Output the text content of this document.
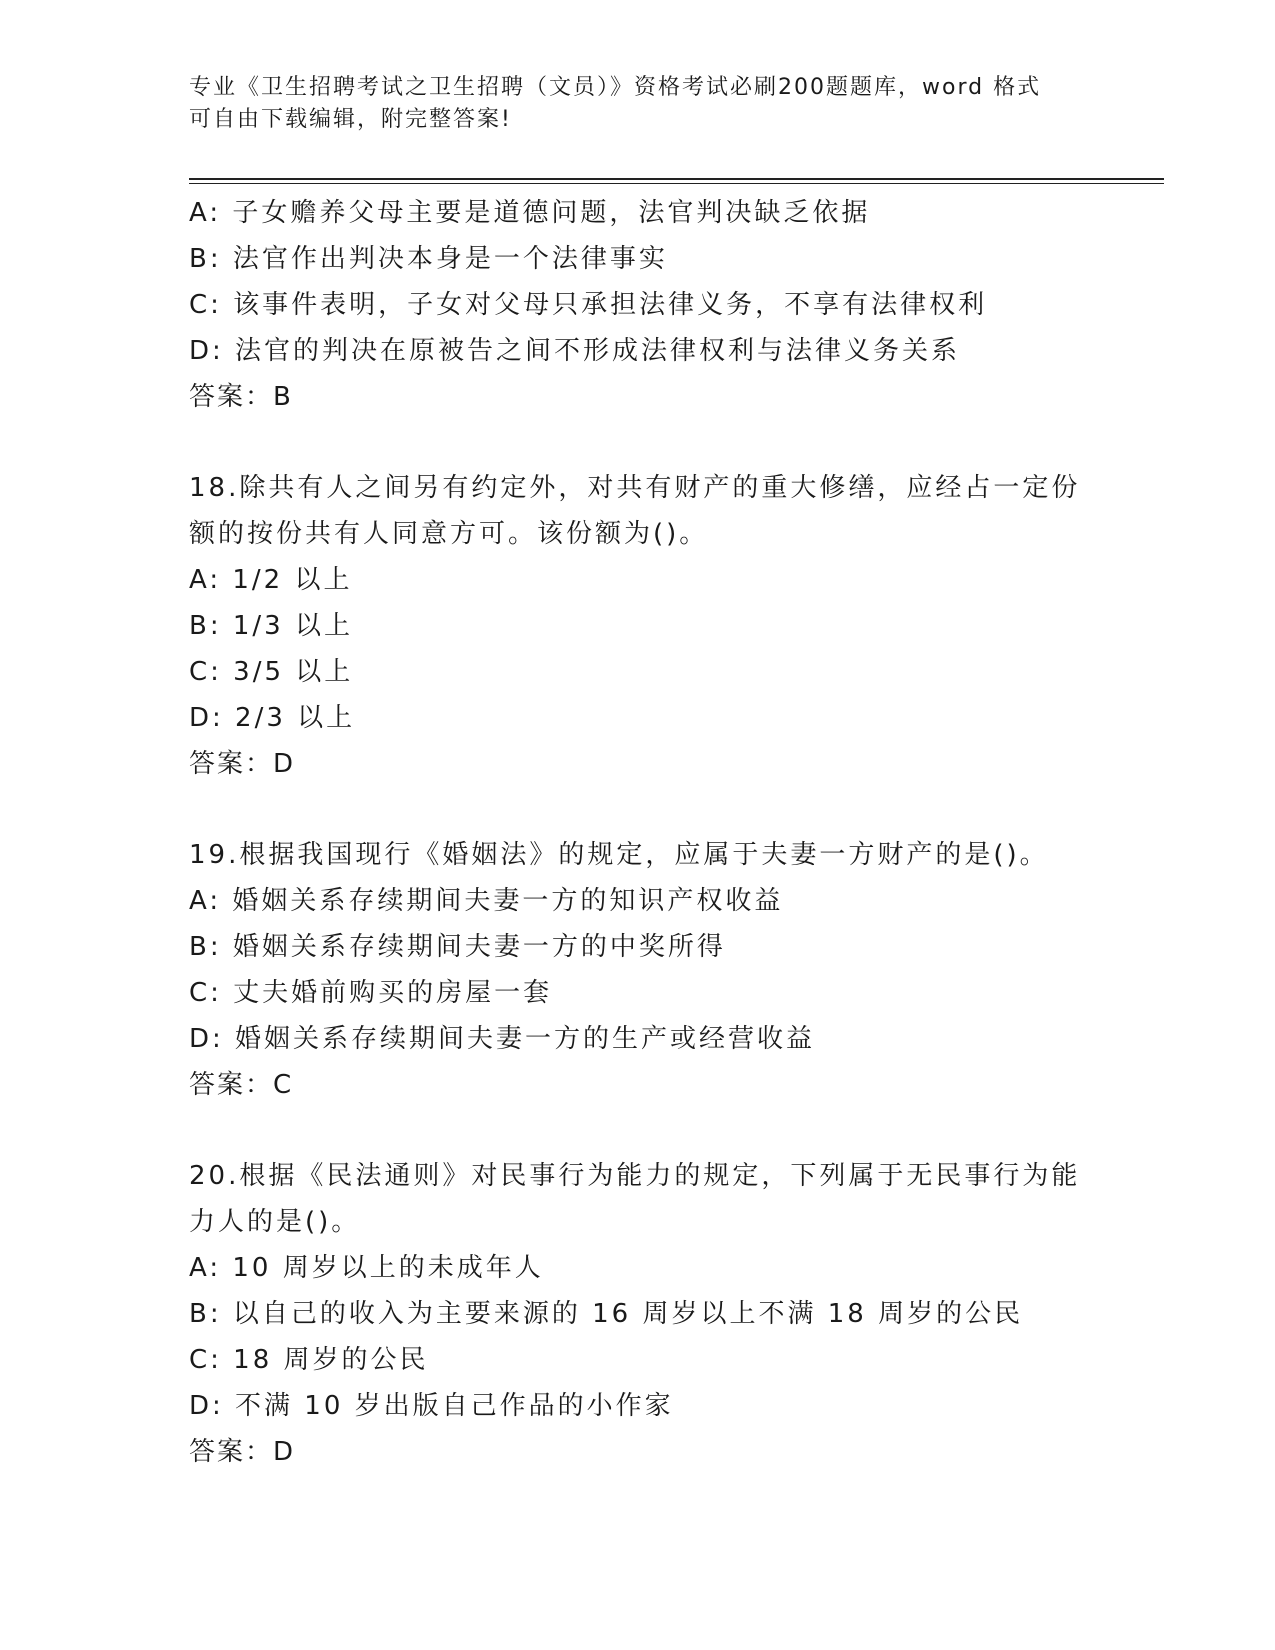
专业《卫生招聘考试之卫生招聘（文员）》资格考试必刷200题题库，word 格式
可自由下载编辑，附完整答案!
A: 子女赡养父母主要是道德问题，法官判决缺乏依据
B: 法官作出判决本身是一个法律事实
C: 该事件表明，子女对父母只承担法律义务，不享有法律权利
D: 法官的判决在原被告之间不形成法律权利与法律义务关系
答案：B
18.除共有人之间另有约定外，对共有财产的重大修缮，应经占一定份
额的按份共有人同意方可。该份额为()。
A: 1/2 以上
B: 1/3 以上
C: 3/5 以上
D: 2/3 以上
答案：D
19.根据我国现行《婚姻法》的规定，应属于夫妻一方财产的是()。
A: 婚姻关系存续期间夫妻一方的知识产权收益
B: 婚姻关系存续期间夫妻一方的中奖所得
C: 丈夫婚前购买的房屋一套
D: 婚姻关系存续期间夫妻一方的生产或经营收益
答案：C
20.根据《民法通则》对民事行为能力的规定，下列属于无民事行为能
力人的是()。
A: 10 周岁以上的未成年人
B: 以自己的收入为主要来源的 16 周岁以上不满 18 周岁的公民
C: 18 周岁的公民
D: 不满 10 岁出版自己作品的小作家
答案：D
